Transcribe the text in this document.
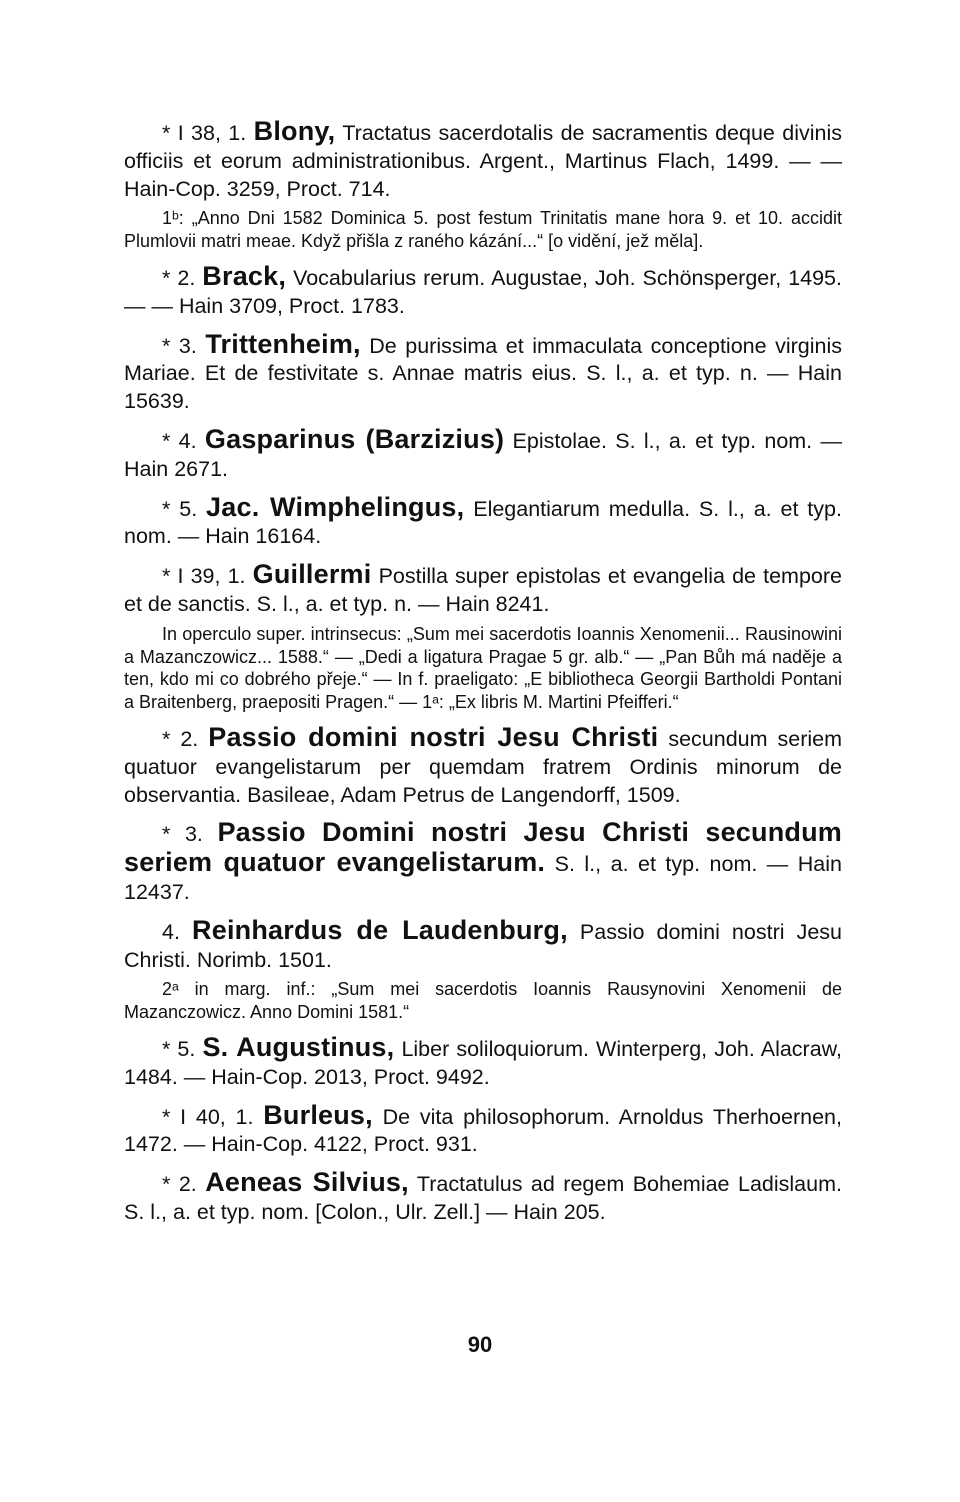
* I 38, 1. Blony, Tractatus sacerdotalis de sacramentis deque divinis officiis et eorum administrationibus. Argent., Martinus Flach, 1499. — — Hain-Cop. 3259, Proct. 714.

1ᵇ: „Anno Dni 1582 Dominica 5. post festum Trinitatis mane hora 9. et 10. accidit Plumlovii matri meae. Když přišla z raného kázání...“ [o vidění, jež měla].

* 2. Brack, Vocabularius rerum. Augustae, Joh. Schönsperger, 1495. — — Hain 3709, Proct. 1783.

* 3. Trittenheim, De purissima et immaculata conceptione virginis Mariae. Et de festivitate s. Annae matris eius. S. l., a. et typ. n. — Hain 15639.

* 4. Gasparinus (Barzizius) Epistolae. S. l., a. et typ. nom. — Hain 2671.

* 5. Jac. Wimphelingus, Elegantiarum medulla. S. l., a. et typ. nom. — Hain 16164.

* I 39, 1. Guillermi Postilla super epistolas et evangelia de tempore et de sanctis. S. l., a. et typ. n. — Hain 8241.

In operculo super. intrinsecus: „Sum mei sacerdotis Ioannis Xenomenii... Rausinowini a Mazanczowicz... 1588.“ — „Dedi a ligatura Pragae 5 gr. alb.“ — „Pan Bůh má naděje a ten, kdo mi co dobrého přeje.“ — In f. praeligato: „E bibliotheca Georgii Bartholdi Pontani a Braitenberg, praepositi Pragen.“ — 1ᵃ: „Ex libris M. Martini Pfeifferi.“

* 2. Passio domini nostri Jesu Christi secundum seriem quatuor evangelistarum per quemdam fratrem Ordinis minorum de observantia. Basileae, Adam Petrus de Langendorff, 1509.

* 3. Passio Domini nostri Jesu Christi secundum seriem quatuor evangelistarum. S. l., a. et typ. nom. — Hain 12437.

4. Reinhardus de Laudenburg, Passio domini nostri Jesu Christi. Norimb. 1501.

2ᵃ in marg. inf.: „Sum mei sacerdotis Ioannis Rausynovini Xenomenii de Mazanczowicz. Anno Domini 1581.“

* 5. S. Augustinus, Liber soliloquiorum. Winterperg, Joh. Alacraw, 1484. — Hain-Cop. 2013, Proct. 9492.

* I 40, 1. Burleus, De vita philosophorum. Arnoldus Therhoernen, 1472. — Hain-Cop. 4122, Proct. 931.

* 2. Aeneas Silvius, Tractatulus ad regem Bohemiae Ladislaum. S. l., a. et typ. nom. [Colon., Ulr. Zell.] — Hain 205.

90
